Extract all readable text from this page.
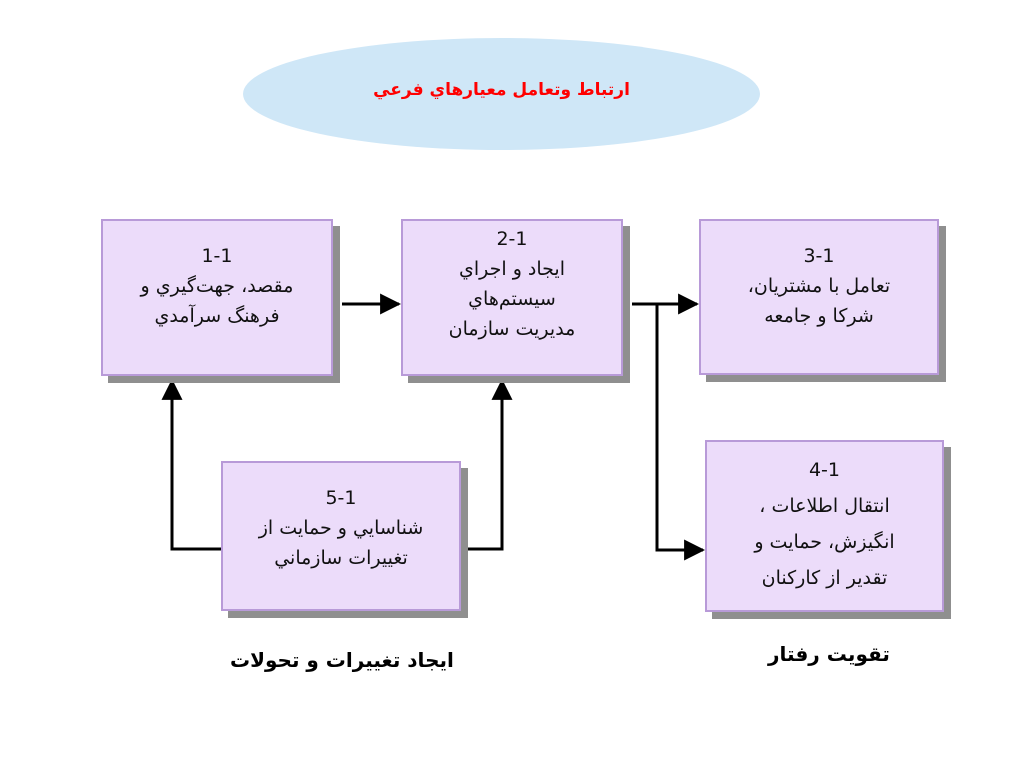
ارتباط وتعامل معيارهاي فرعي
1-1
مقصد، جهت‌گيري و
فرهنگ سرآمدي
2-1
ايجاد و اجراي
سيستم‌هاي
مديريت سازمان
3-1
تعامل با مشتريان،
شركا و جامعه
4-1
انتقال اطلاعات ،
انگيزش، حمايت و
تقدير از كاركنان
5-1
شناسايي و حمايت از
تغييرات سازماني
ايجاد تغييرات و تحولات	تقويت رفتار
